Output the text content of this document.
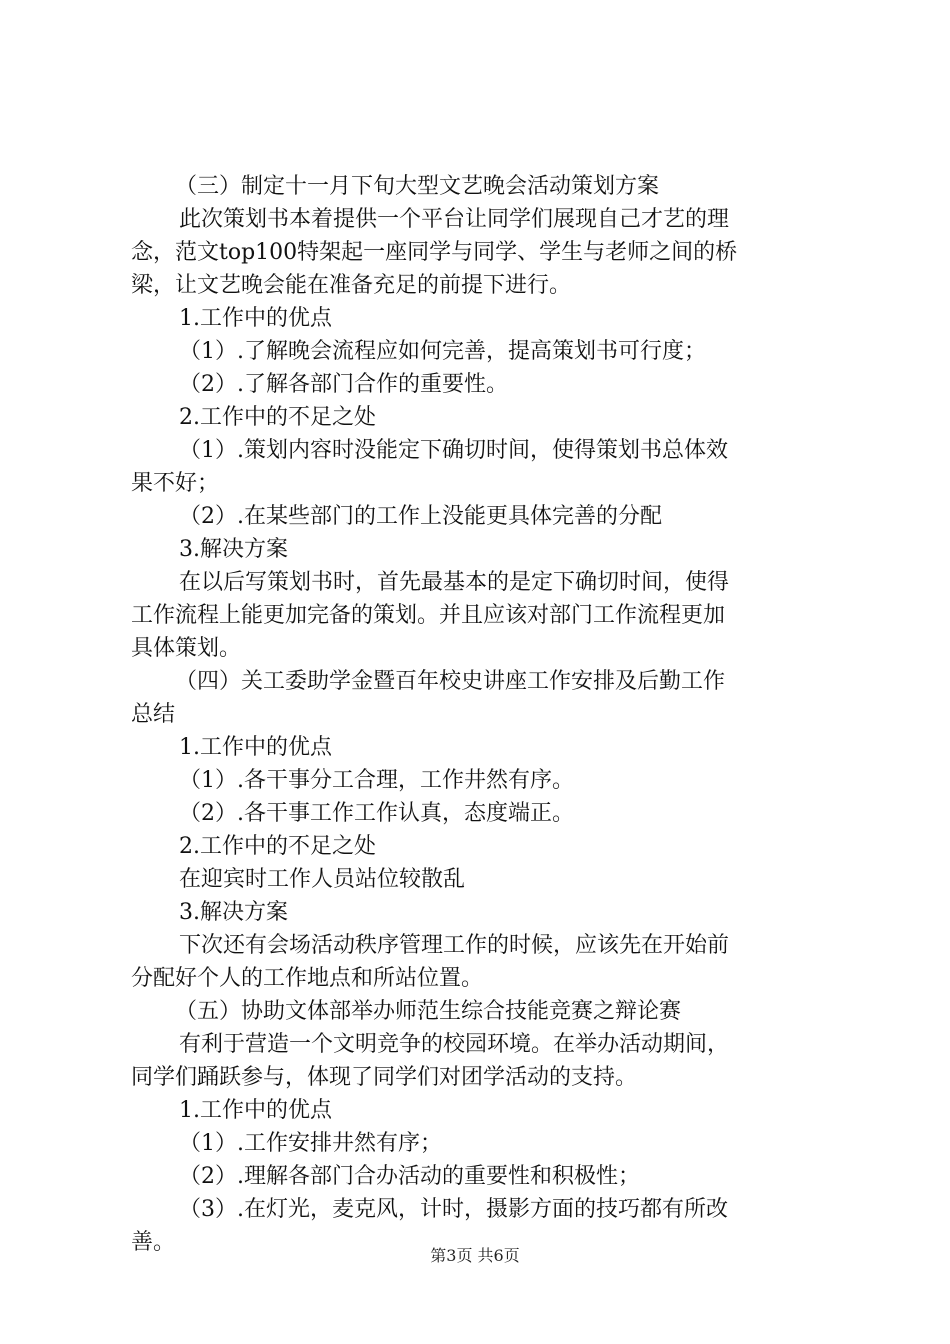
（三）制定十一月下旬大型文艺晚会活动策划方案
此次策划书本着提供一个平台让同学们展现自己才艺的理
念，范文top100特架起一座同学与同学、学生与老师之间的桥
梁，让文艺晚会能在准备充足的前提下进行。
1.工作中的优点
（1）.了解晚会流程应如何完善，提高策划书可行度；
（2）.了解各部门合作的重要性。
2.工作中的不足之处
（1）.策划内容时没能定下确切时间，使得策划书总体效
果不好；
（2）.在某些部门的工作上没能更具体完善的分配
3.解决方案
在以后写策划书时，首先最基本的是定下确切时间，使得
工作流程上能更加完备的策划。并且应该对部门工作流程更加
具体策划。
（四）关工委助学金暨百年校史讲座工作安排及后勤工作
总结
1.工作中的优点
（1）.各干事分工合理，工作井然有序。
（2）.各干事工作工作认真，态度端正。
2.工作中的不足之处
在迎宾时工作人员站位较散乱
3.解决方案
下次还有会场活动秩序管理工作的时候，应该先在开始前
分配好个人的工作地点和所站位置。
（五）协助文体部举办师范生综合技能竞赛之辩论赛
有利于营造一个文明竞争的校园环境。在举办活动期间，
同学们踊跃参与，体现了同学们对团学活动的支持。
1.工作中的优点
（1）.工作安排井然有序；
（2）.理解各部门合办活动的重要性和积极性；
（3）.在灯光，麦克风，计时，摄影方面的技巧都有所改
善。
第3页 共6页
